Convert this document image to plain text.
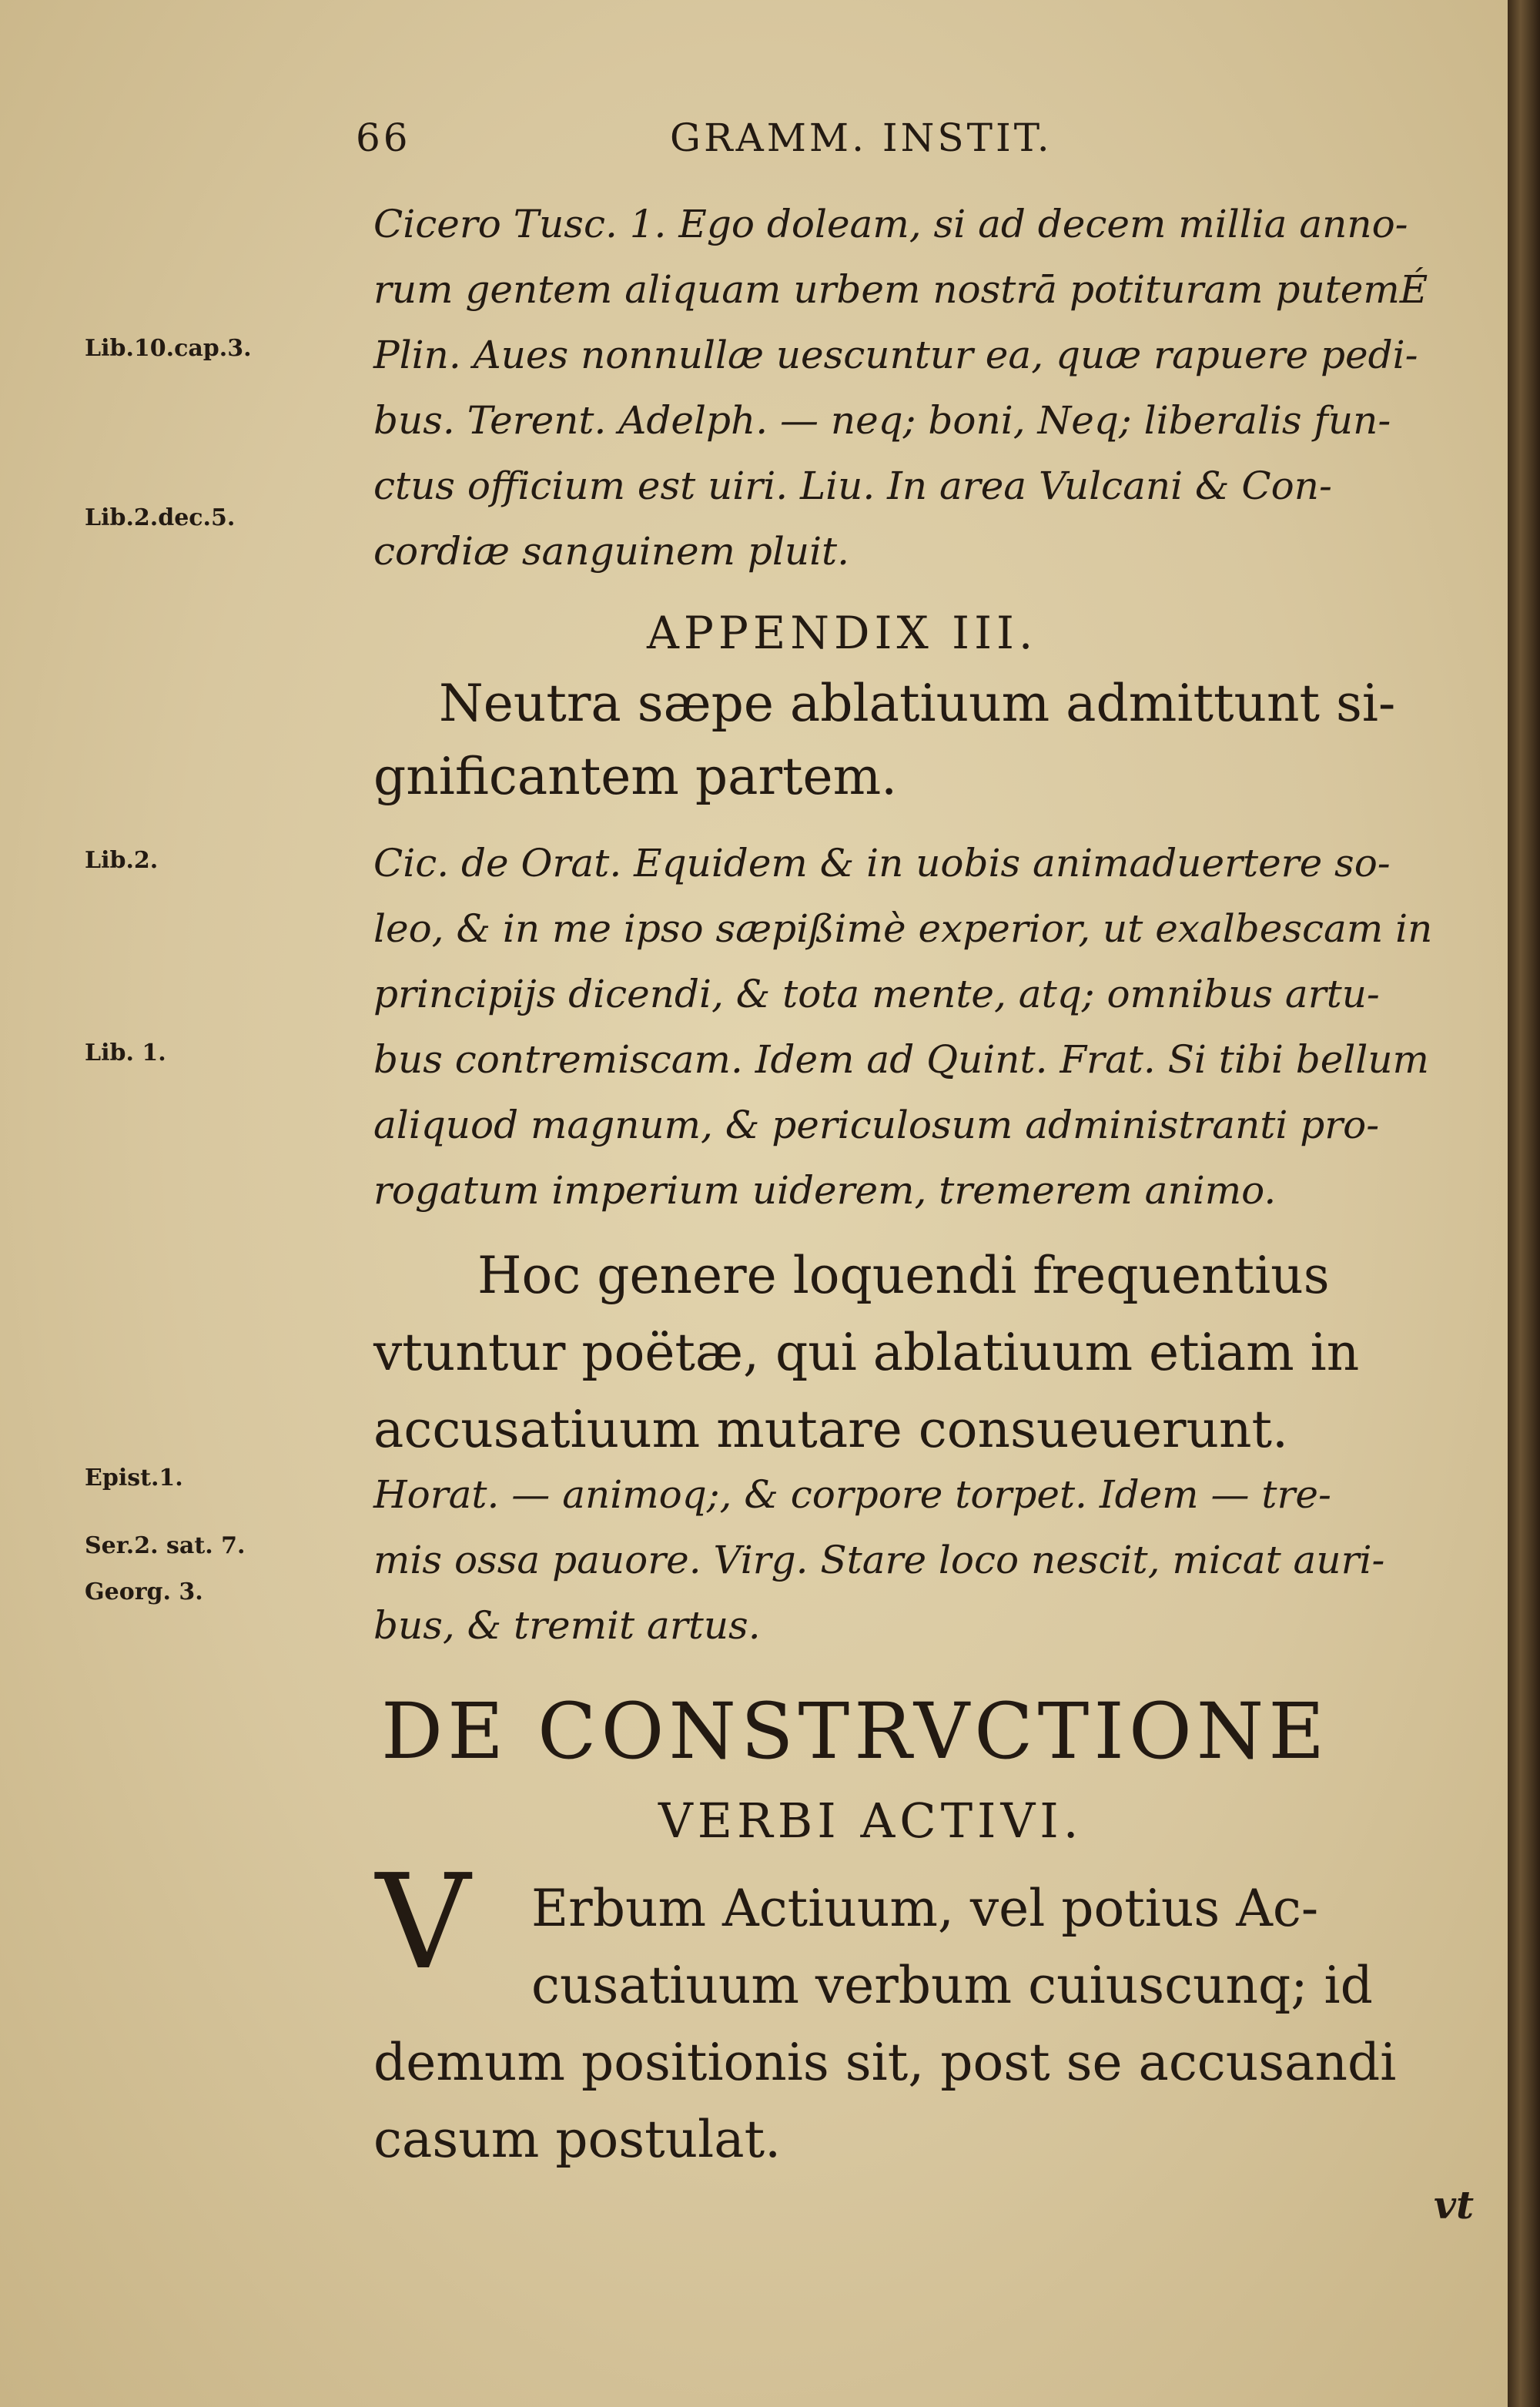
66	GRAMM. INSTIT.
Lib.10.cap.3.
Lib.2.dec.5.
Lib.2.
Lib. 1.
Epist.1.
Ser.2. sat. 7.
Georg. 3.
Cicero Tusc. 1. Ego doleam, si ad decem millia anno-
rum gentem aliquam urbem nostrā potituram putemÉ
Plin. Aues nonnullæ uescuntur ea, quæ rapuere pedi-
bus. Terent. Adelph. — neq; boni, Neq; liberalis fun-
ctus officium est uiri. Liu. In area Vulcani & Con-
cordiæ sanguinem pluit.
APPENDIX III.
Neutra sæpe ablatiuum admittunt si-
gnificantem partem.
Cic. de Orat. Equidem & in uobis animaduertere so-
leo, & in me ipso sæpißimè experior, ut exalbescam in
principijs dicendi, & tota mente, atq; omnibus artu-
bus contremiscam. Idem ad Quint. Frat. Si tibi bellum
aliquod magnum, & periculosum administranti pro-
rogatum imperium uiderem, tremerem animo.
Hoc genere loquendi frequentius
vtuntur poëtæ, qui ablatiuum etiam in
accusatiuum mutare consueuerunt.
Horat. — animoq;, & corpore torpet. Idem — tre-
mis ossa pauore. Virg. Stare loco nescit, micat auri-
bus, & tremit artus.
DE CONSTRVCTIONE
VERBI ACTIVI.
V Erbum Actiuum, vel potius Ac-
cusatiuum verbum cuiuscunq; id
demum positionis sit, post se accusandi
casum postulat.
vt
